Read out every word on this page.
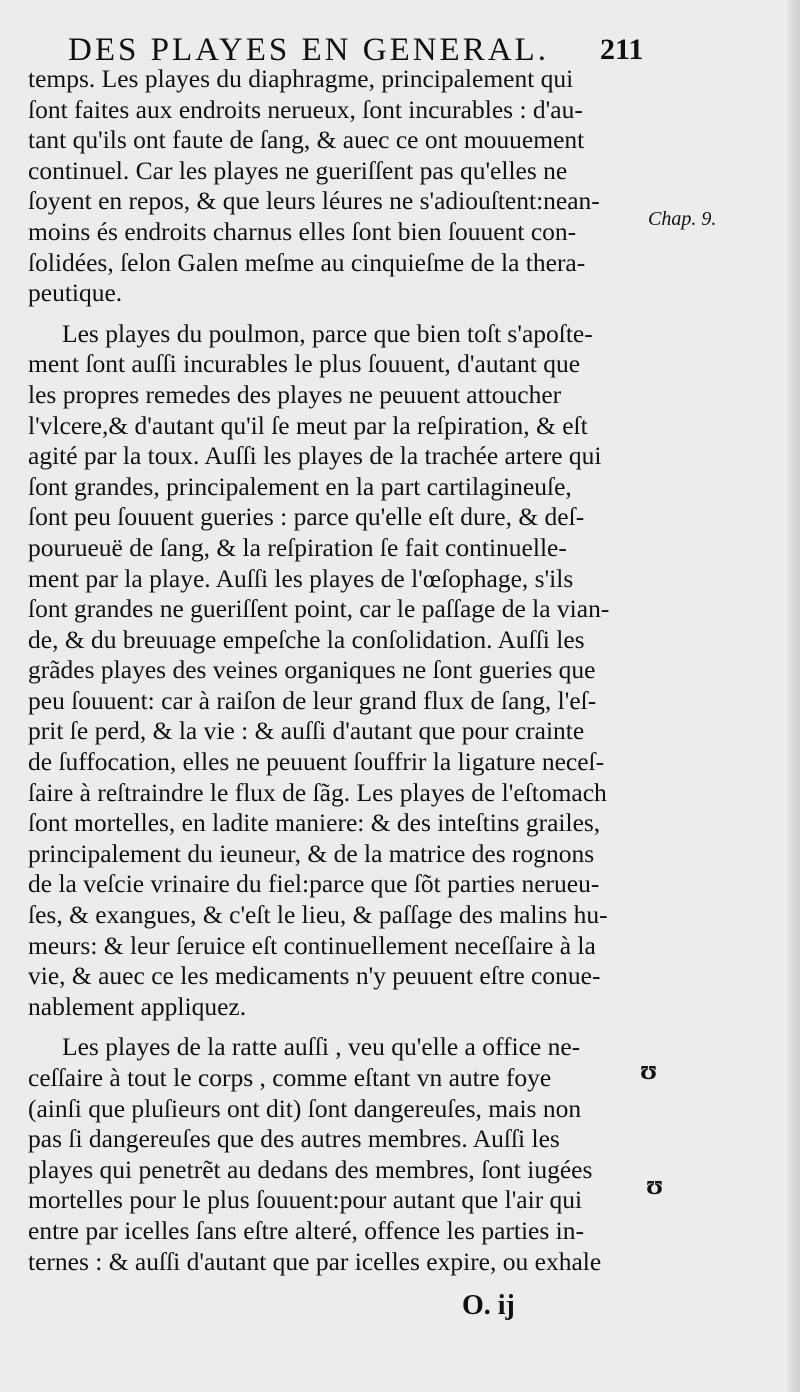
DES PLAYES EN GENERAL. 211
temps. Les playes du diaphragme, principalement qui
ſont faites aux endroits nerueux, ſont incurables : d'au-
tant qu'ils ont faute de ſang, & auec ce ont mouuement
continuel. Car les playes ne gueriſſent pas qu'elles ne
ſoyent en repos, & que leurs léures ne s'adiouſtent:nean-
moins és endroits charnus elles ſont bien ſouuent con-
ſolidées, ſelon Galen meſme au cinquieſme de la thera-
peutique.
Les playes du poulmon, parce que bien toſt s'apoſte-
ment ſont auſſi incurables le plus ſouuent, d'autant que
les propres remedes des playes ne peuuent attoucher
l'vlcere,& d'autant qu'il ſe meut par la reſpiration, & eſt
agité par la toux. Auſſi les playes de la trachée artere qui
ſont grandes, principalement en la part cartilagineuſe,
ſont peu ſouuent gueries : parce qu'elle eſt dure, & deſ-
pourueuë de ſang, & la reſpiration ſe fait continuelle-
ment par la playe. Auſſi les playes de l'œſophage, s'ils
ſont grandes ne gueriſſent point, car le paſſage de la vian-
de, & du breuuage empeſche la conſolidation. Auſſi les
grãdes playes des veines organiques ne ſont gueries que
peu ſouuent: car à raiſon de leur grand flux de ſang, l'eſ-
prit ſe perd, & la vie : & auſſi d'autant que pour crainte
de ſuffocation, elles ne peuuent ſouffrir la ligature neceſ-
ſaire à reſtraindre le flux de ſãg. Les playes de l'eſtomach
ſont mortelles, en ladite maniere: & des inteſtins grailes,
principalement du ieuneur, & de la matrice des rognons
de la veſcie vrinaire du fiel:parce que ſõt parties nerueu-
ſes, & exangues, & c'eſt le lieu, & paſſage des malins hu-
meurs: & leur ſeruice eſt continuellement neceſſaire à la
vie, & auec ce les medicaments n'y peuuent eſtre conue-
nablement appliquez.
Les playes de la ratte auſſi , veu qu'elle a office ne-
ceſſaire à tout le corps , comme eſtant vn autre foye
(ainſi que pluſieurs ont dit) ſont dangereuſes, mais non
pas ſi dangereuſes que des autres membres. Auſſi les
playes qui penetrẽt au dedans des membres, ſont iugées
mortelles pour le plus ſouuent:pour autant que l'air qui
entre par icelles ſans eſtre alteré, offence les parties in-
ternes : & auſſi d'autant que par icelles expire, ou exhale
Chap. 9.
ʊ
ʊ
O. ij
